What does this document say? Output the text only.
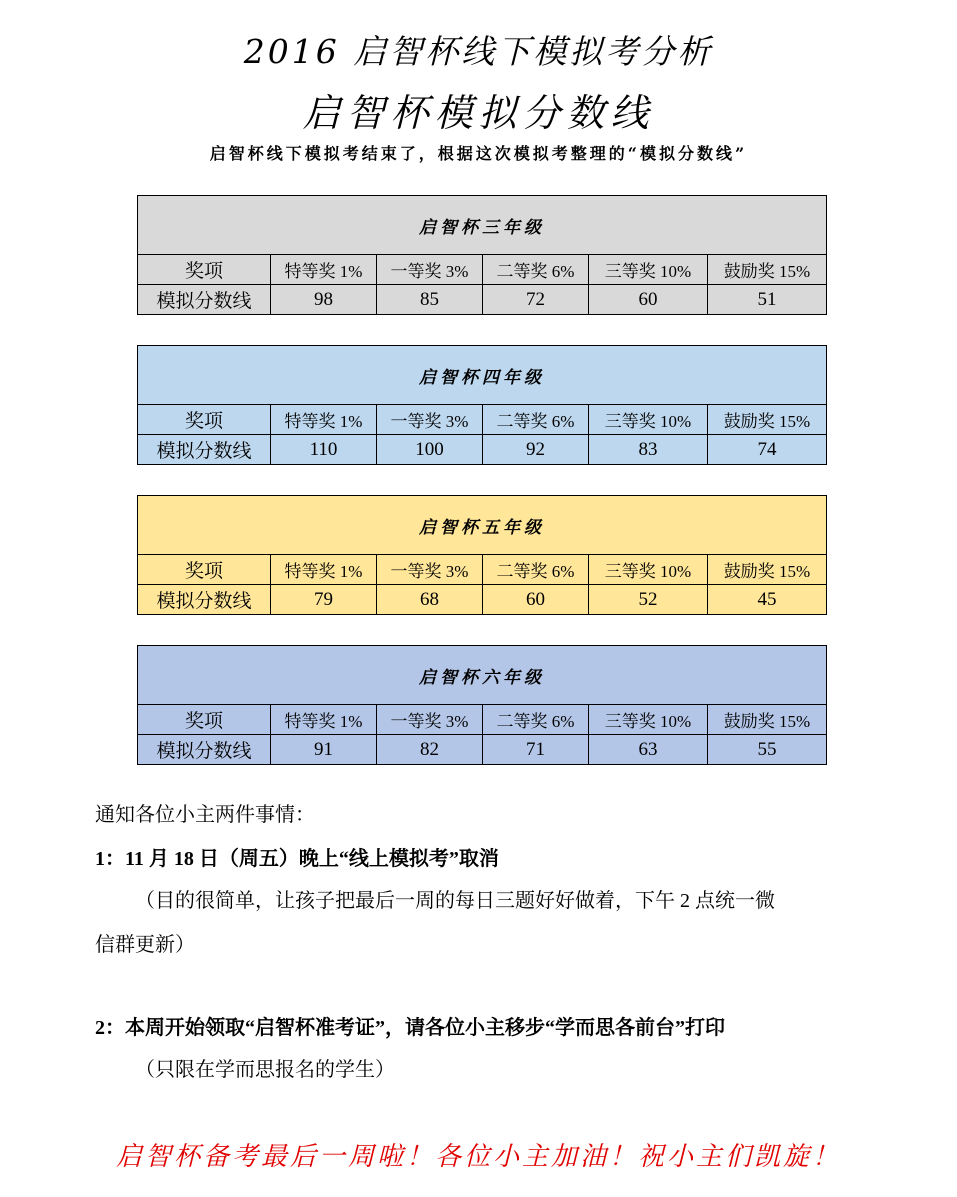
2016 启智杯线下模拟考分析
启智杯模拟分数线
启智杯线下模拟考结束了，根据这次模拟考整理的“模拟分数线”
启智杯三年级					
奖项	特等奖 1%	一等奖 3%	二等奖 6%	三等奖 10%	鼓励奖 15%
模拟分数线	98	85	72	60	51
启智杯四年级					
奖项	特等奖 1%	一等奖 3%	二等奖 6%	三等奖 10%	鼓励奖 15%
模拟分数线	110	100	92	83	74
启智杯五年级					
奖项	特等奖 1%	一等奖 3%	二等奖 6%	三等奖 10%	鼓励奖 15%
模拟分数线	79	68	60	52	45
启智杯六年级					
奖项	特等奖 1%	一等奖 3%	二等奖 6%	三等奖 10%	鼓励奖 15%
模拟分数线	91	82	71	63	55
通知各位小主两件事情：
1：11 月 18 日（周五）晚上“线上模拟考”取消
（目的很简单，让孩子把最后一周的每日三题好好做着，下午 2 点统一微
信群更新）
2：本周开始领取“启智杯准考证”，请各位小主移步“学而思各前台”打印
（只限在学而思报名的学生）
启智杯备考最后一周啦！各位小主加油！祝小主们凯旋！
